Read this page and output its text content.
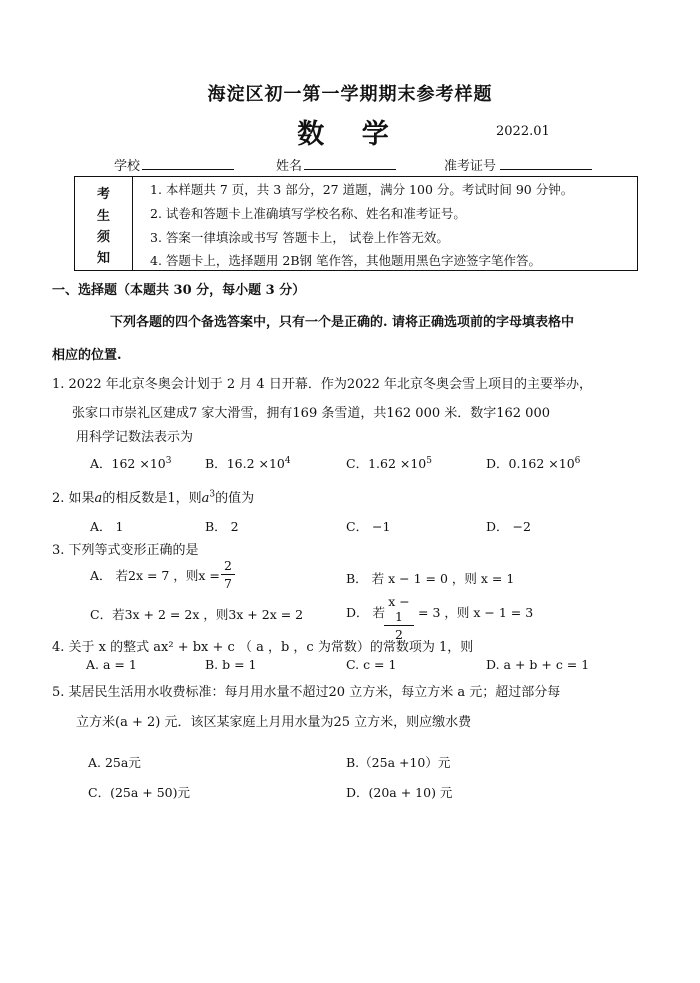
海淀区初一第一学期期末参考样题
数 学	2022.01
学校	姓名	准考证号
考
生
须
知
1. 本样题共 7 页，共 3 部分，27 道题，满分 100 分。考试时间 90 分钟。
2. 试卷和答题卡上准确填写学校名称、姓名和准考证号。
3. 答案一律填涂或书写 答题卡上， 试卷上作答无效。
4. 答题卡上，选择题用 2B钢 笔作答，其他题用黑色字迹签字笔作答。
一、选择题（本题共 30 分，每小题 3 分）
下列各题的四个备选答案中，只有一个是正确的. 请将正确选项前的字母填表格中
相应的位置.
1. 2022 年北京冬奥会计划于 2 月 4 日开幕．作为2022 年北京冬奥会雪上项目的主要举办，
张家口市崇礼区建成7 家大滑雪，拥有169 条雪道，共162 000 米．数字162 000
用科学记数法表示为
A．$162 \times 10^3$	B．$16.2 \times 10^4$	C．$1.62 \times 10^5$	D．$0.162 \times 10^6$
2. 如果a的相反数是1，则$a^3$的值为
A． 1	B． 2	C． −1	D． −2
3. 下列等式变形正确的是
A． 若2x = 7 ，则x =
2
7	B． 若 x − 1 = 0 ，则 x = 1
C．若3x + 2 = 2x ，则3x + 2x = 2	D． 若
x − 1
2
= 3 ，则 x − 1 = 3
4. 关于 x 的整式 ax² + bx + c （ a ，b ，c 为常数）的常数项为 1，则
A. a = 1	B. b = 1	C. c = 1	D. a + b + c = 1
5. 某居民生活用水收费标准：每月用水量不超过20 立方米，每立方米 a 元；超过部分每
立方米(a + 2) 元．该区某家庭上月用水量为25 立方米，则应缴水费
A. 25a元	B.（25a +10）元
C．(25a + 50)元	D．(20a + 10) 元
